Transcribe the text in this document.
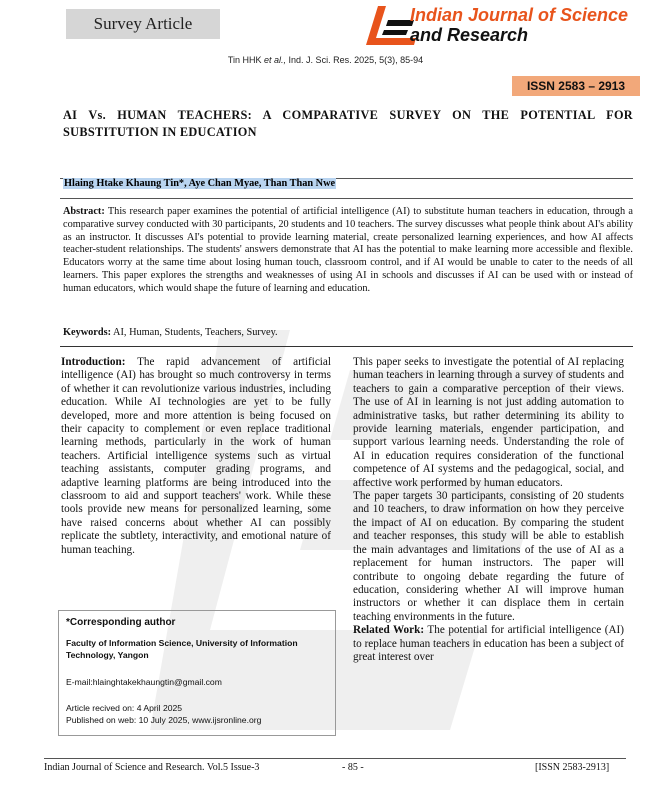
Survey Article	Indian Journal of Science
and Research
Tin HHK et al., Ind. J. Sci. Res. 2025, 5(3), 85-94
ISSN 2583 – 2913
AI Vs. HUMAN TEACHERS: A COMPARATIVE SURVEY ON THE POTENTIAL FOR SUBSTITUTION IN EDUCATION
Hlaing Htake Khaung Tin*, Aye Chan Myae, Than Than Nwe
Abstract: This research paper examines the potential of artificial intelligence (AI) to substitute human teachers in education, through a comparative survey conducted with 30 participants, 20 students and 10 teachers. The survey discusses what people think about AI's ability as an instructor. It discusses AI's potential to provide learning material, create personalized learning experiences, and how AI affects teacher-student relationships. The students' answers demonstrate that AI has the potential to make learning more accessible and flexible. Educators worry at the same time about losing human touch, classroom control, and if AI would be unable to cater to the needs of all learners. This paper explores the strengths and weaknesses of using AI in schools and discusses if AI can be used with or instead of human educators, which would shape the future of learning and education.
Keywords: AI, Human, Students, Teachers, Survey.

Introduction: The rapid advancement of artificial intelligence (AI) has brought so much controversy in terms of whether it can revolutionize various industries, including education. While AI technologies are yet to be fully developed, more and more attention is being focused on their capacity to complement or even replace traditional learning methods, particularly in the work of human teachers. Artificial intelligence systems such as virtual teaching assistants, computer grading programs, and adaptive learning platforms are being introduced into the classroom to aid and support teachers' work. While these tools provide new means for personalized learning, some have raised concerns about whether AI can possibly replicate the subtlety, interactivity, and emotional nature of human teaching.

*Corresponding author
Faculty of Information Science, University of Information Technology, Yangon
E-mail:hlainghtakekhaungtin@gmail.com
Article recived on: 4 April 2025
Published on web: 10 July 2025, www.ijsronline.org

This paper seeks to investigate the potential of AI replacing human teachers in learning through a survey of students and teachers to gain a comparative perception of their views. The use of AI in learning is not just adding automation to administrative tasks, but rather determining its ability to provide learning materials, engender participation, and support various learning needs. Understanding the role of AI in education requires consideration of the functional competence of AI systems and the pedagogical, social, and affective work performed by human educators.

The paper targets 30 participants, consisting of 20 students and 10 teachers, to draw information on how they perceive the impact of AI on education. By comparing the student and teacher responses, this study will be able to establish the main advantages and limitations of the use of AI as a replacement for human instructors. The paper will contribute to ongoing debate regarding the future of education, considering whether AI will improve human instructors or whether it can displace them in certain teaching environments in the future.

Related Work: The potential for artificial intelligence (AI) to replace human teachers in education has been a subject of great interest over

Indian Journal of Science and Research. Vol.5 Issue-3	- 85 -	[ISSN 2583-2913]
